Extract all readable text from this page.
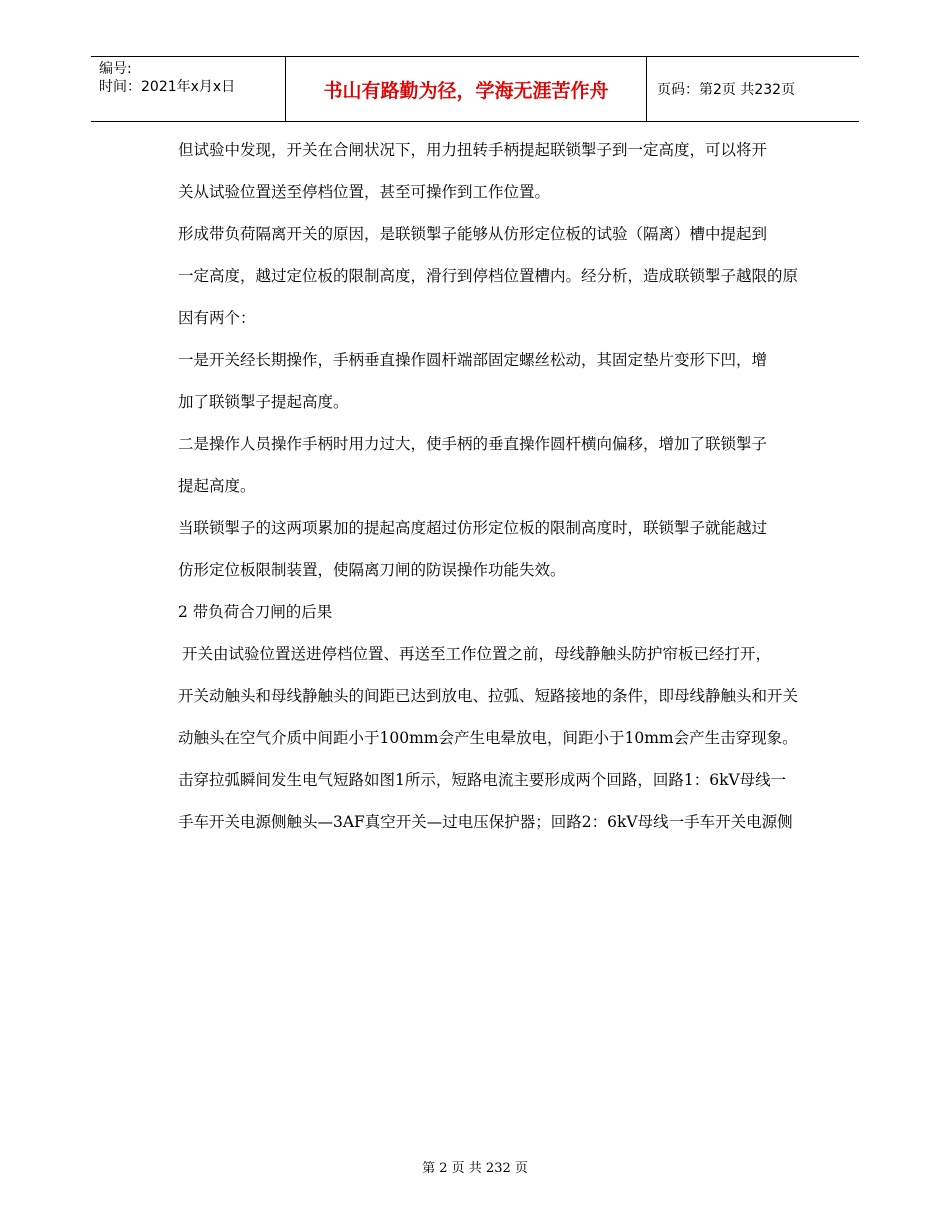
编号:
时间：2021年x月x日	书山有路勤为径，学海无涯苦作舟	页码：第2页 共232页

但试验中发现，开关在合闸状况下，用力扭转手柄提起联锁掣子到一定高度，可以将开

关从试验位置送至停档位置，甚至可操作到工作位置。

形成带负荷隔离开关的原因，是联锁掣子能够从仿形定位板的试验（隔离）槽中提起到

一定高度，越过定位板的限制高度，滑行到停档位置槽内。经分析，造成联锁掣子越限的原

因有两个：

一是开关经长期操作，手柄垂直操作圆杆端部固定螺丝松动，其固定垫片变形下凹，增

加了联锁掣子提起高度。

二是操作人员操作手柄时用力过大，使手柄的垂直操作圆杆横向偏移，增加了联锁掣子

提起高度。

当联锁掣子的这两项累加的提起高度超过仿形定位板的限制高度时，联锁掣子就能越过

仿形定位板限制装置，使隔离刀闸的防误操作功能失效。

2 带负荷合刀闸的后果

开关由试验位置送进停档位置、再送至工作位置之前，母线静触头防护帘板已经打开，

开关动触头和母线静触头的间距已达到放电、拉弧、短路接地的条件，即母线静触头和开关

动触头在空气介质中间距小于100mm会产生电晕放电，间距小于10mm会产生击穿现象。

击穿拉弧瞬间发生电气短路如图1所示，短路电流主要形成两个回路，回路1：6kV母线一

手车开关电源侧触头—3AF真空开关—过电压保护器；回路2：6kV母线一手车开关电源侧

第 2 页 共 232 页
